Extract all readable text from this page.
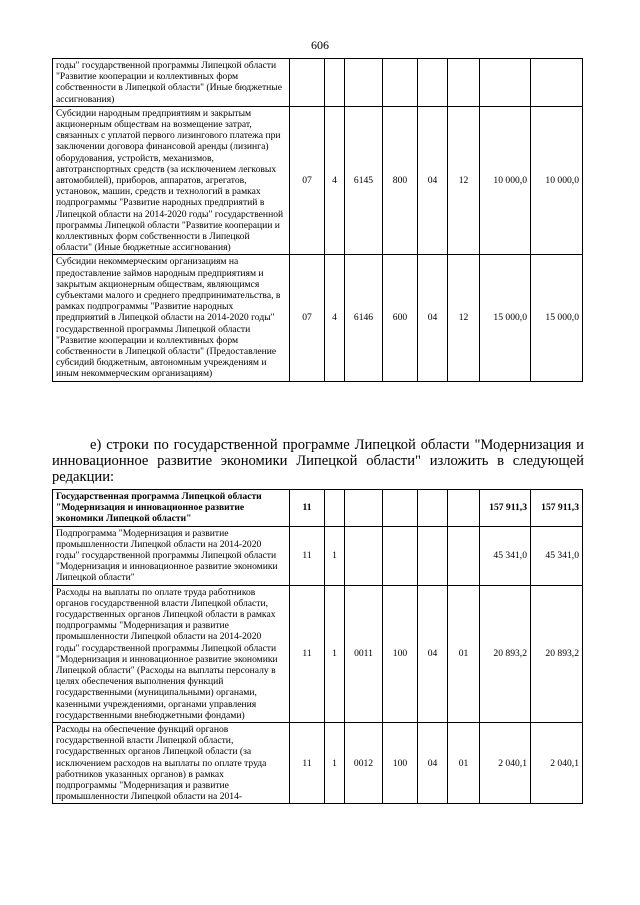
606
годы" государственной программы Липецкой области "Развитие кооперации и коллективных форм собственности в Липецкой области" (Иные бюджетные ассигнования)								
Субсидии народным предприятиям и закрытым акционерным обществам на возмещение затрат, связанных с уплатой первого лизингового платежа при заключении договора финансовой аренды (лизинга) оборудования, устройств, механизмов, автотранспортных средств (за исключением легковых автомобилей), приборов, аппаратов, агрегатов, установок, машин, средств и технологий в рамках подпрограммы "Развитие народных предприятий в Липецкой области на 2014-2020 годы" государственной программы Липецкой области "Развитие кооперации и коллективных форм собственности в Липецкой области" (Иные бюджетные ассигнования)	07	4	6145	800	04	12	10 000,0	10 000,0
Субсидии некоммерческим организациям на предоставление займов народным предприятиям и закрытым акционерным обществам, являющимся субъектами малого и среднего предпринимательства, в рамках подпрограммы "Развитие народных предприятий в Липецкой области на 2014-2020 годы" государственной программы Липецкой области "Развитие кооперации и коллективных форм собственности в Липецкой области" (Предоставление субсидий бюджетным, автономным учреждениям и иным некоммерческим организациям)	07	4	6146	600	04	12	15 000,0	15 000,0
е) строки по государственной программе Липецкой области "Модернизация и инновационное развитие экономики Липецкой области" изложить в следующей редакции:
Государственная программа Липецкой области "Модернизация и инновационное развитие экономики Липецкой области"	11						157 911,3	157 911,3
Подпрограмма "Модернизация и развитие промышленности Липецкой области на 2014-2020 годы" государственной программы Липецкой области "Модернизация и инновационное развитие экономики Липецкой области"	11	1					45 341,0	45 341,0
Расходы на выплаты по оплате труда работников органов государственной власти Липецкой области, государственных органов Липецкой области в рамках подпрограммы "Модернизация и развитие промышленности Липецкой области на 2014-2020 годы" государственной программы Липецкой области "Модернизация и инновационное развитие экономики Липецкой области" (Расходы на выплаты персоналу в целях обеспечения выполнения функций государственными (муниципальными) органами, казенными учреждениями, органами управления государственными внебюджетными фондами)	11	1	0011	100	04	01	20 893,2	20 893,2
Расходы на обеспечение функций органов государственной власти Липецкой области, государственных органов Липецкой области (за исключением расходов на выплаты по оплате труда работников указанных органов) в рамках подпрограммы "Модернизация и развитие промышленности Липецкой области на 2014-	11	1	0012	100	04	01	2 040,1	2 040,1
